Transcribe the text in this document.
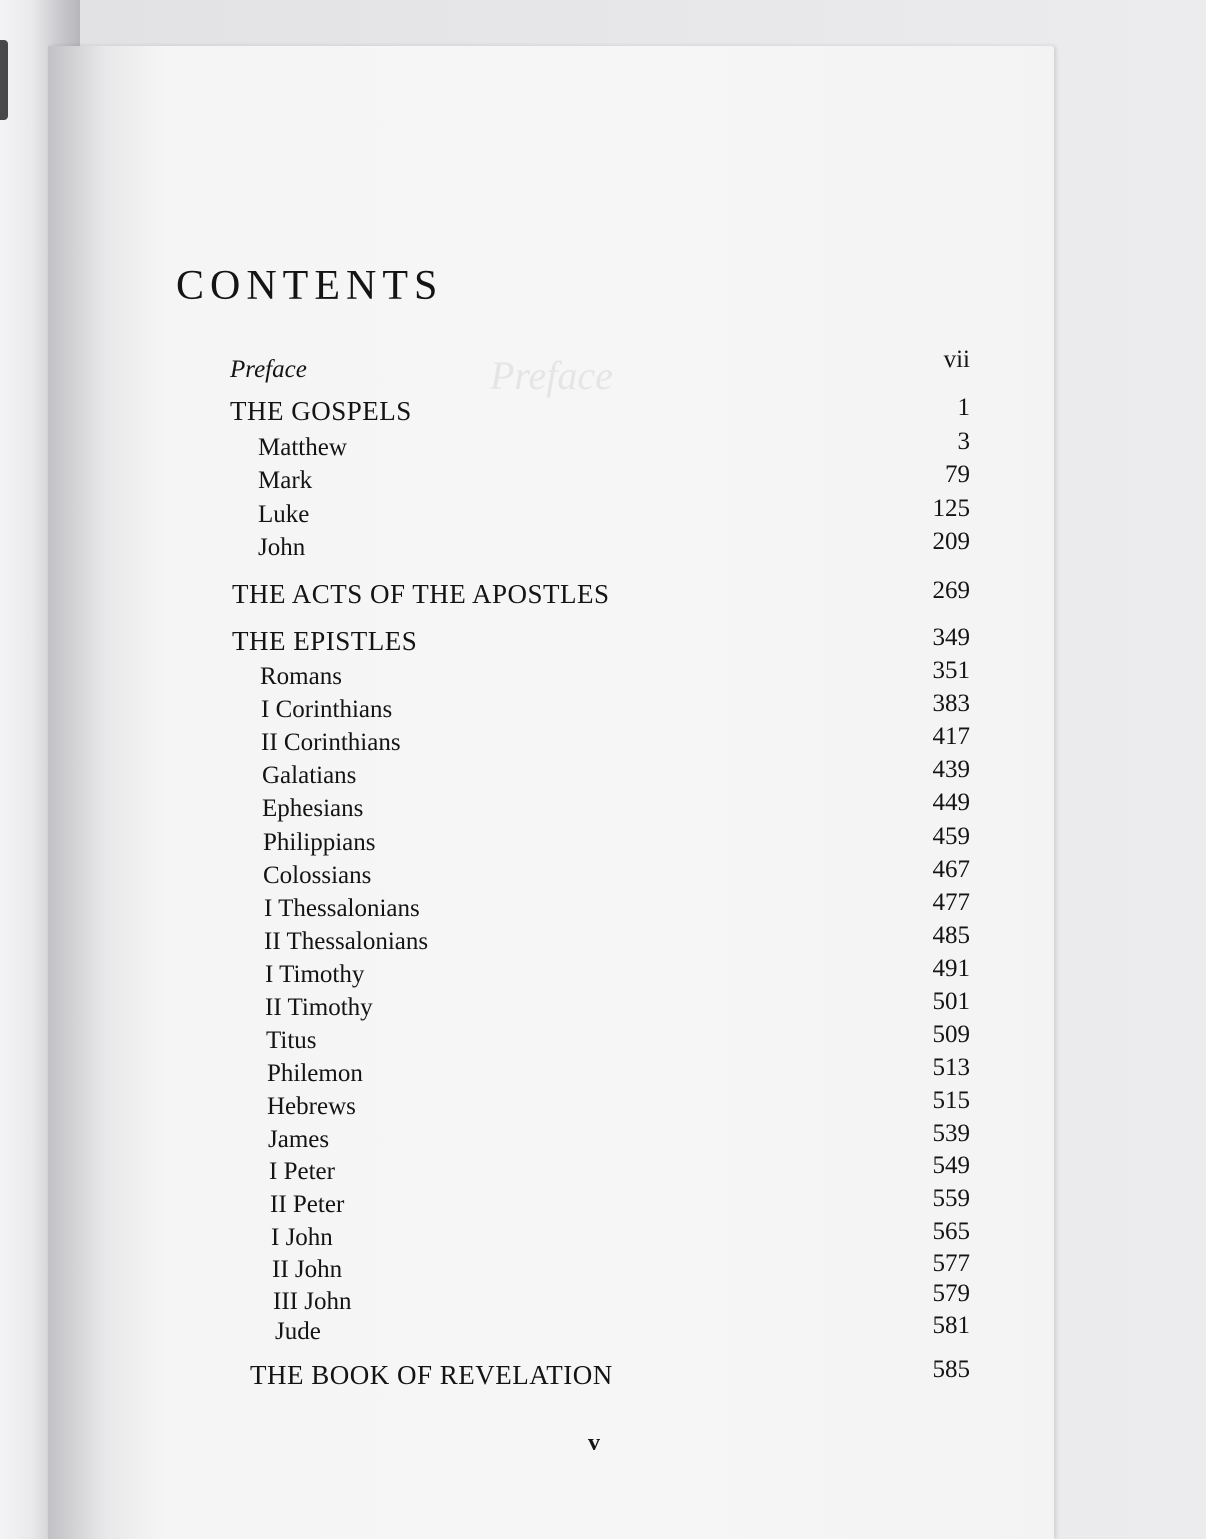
CONTENTS
Preface	vii
THE GOSPELS	1
Matthew	3
Mark	79
Luke	125
John	209
THE ACTS OF THE APOSTLES	269
THE EPISTLES	349
Romans	351
I Corinthians	383
II Corinthians	417
Galatians	439
Ephesians	449
Philippians	459
Colossians	467
I Thessalonians	477
II Thessalonians	485
I Timothy	491
II Timothy	501
Titus	509
Philemon	513
Hebrews	515
James	539
I Peter	549
II Peter	559
I John	565
II John	577
III John	579
Jude	581
THE BOOK OF REVELATION	585
v
